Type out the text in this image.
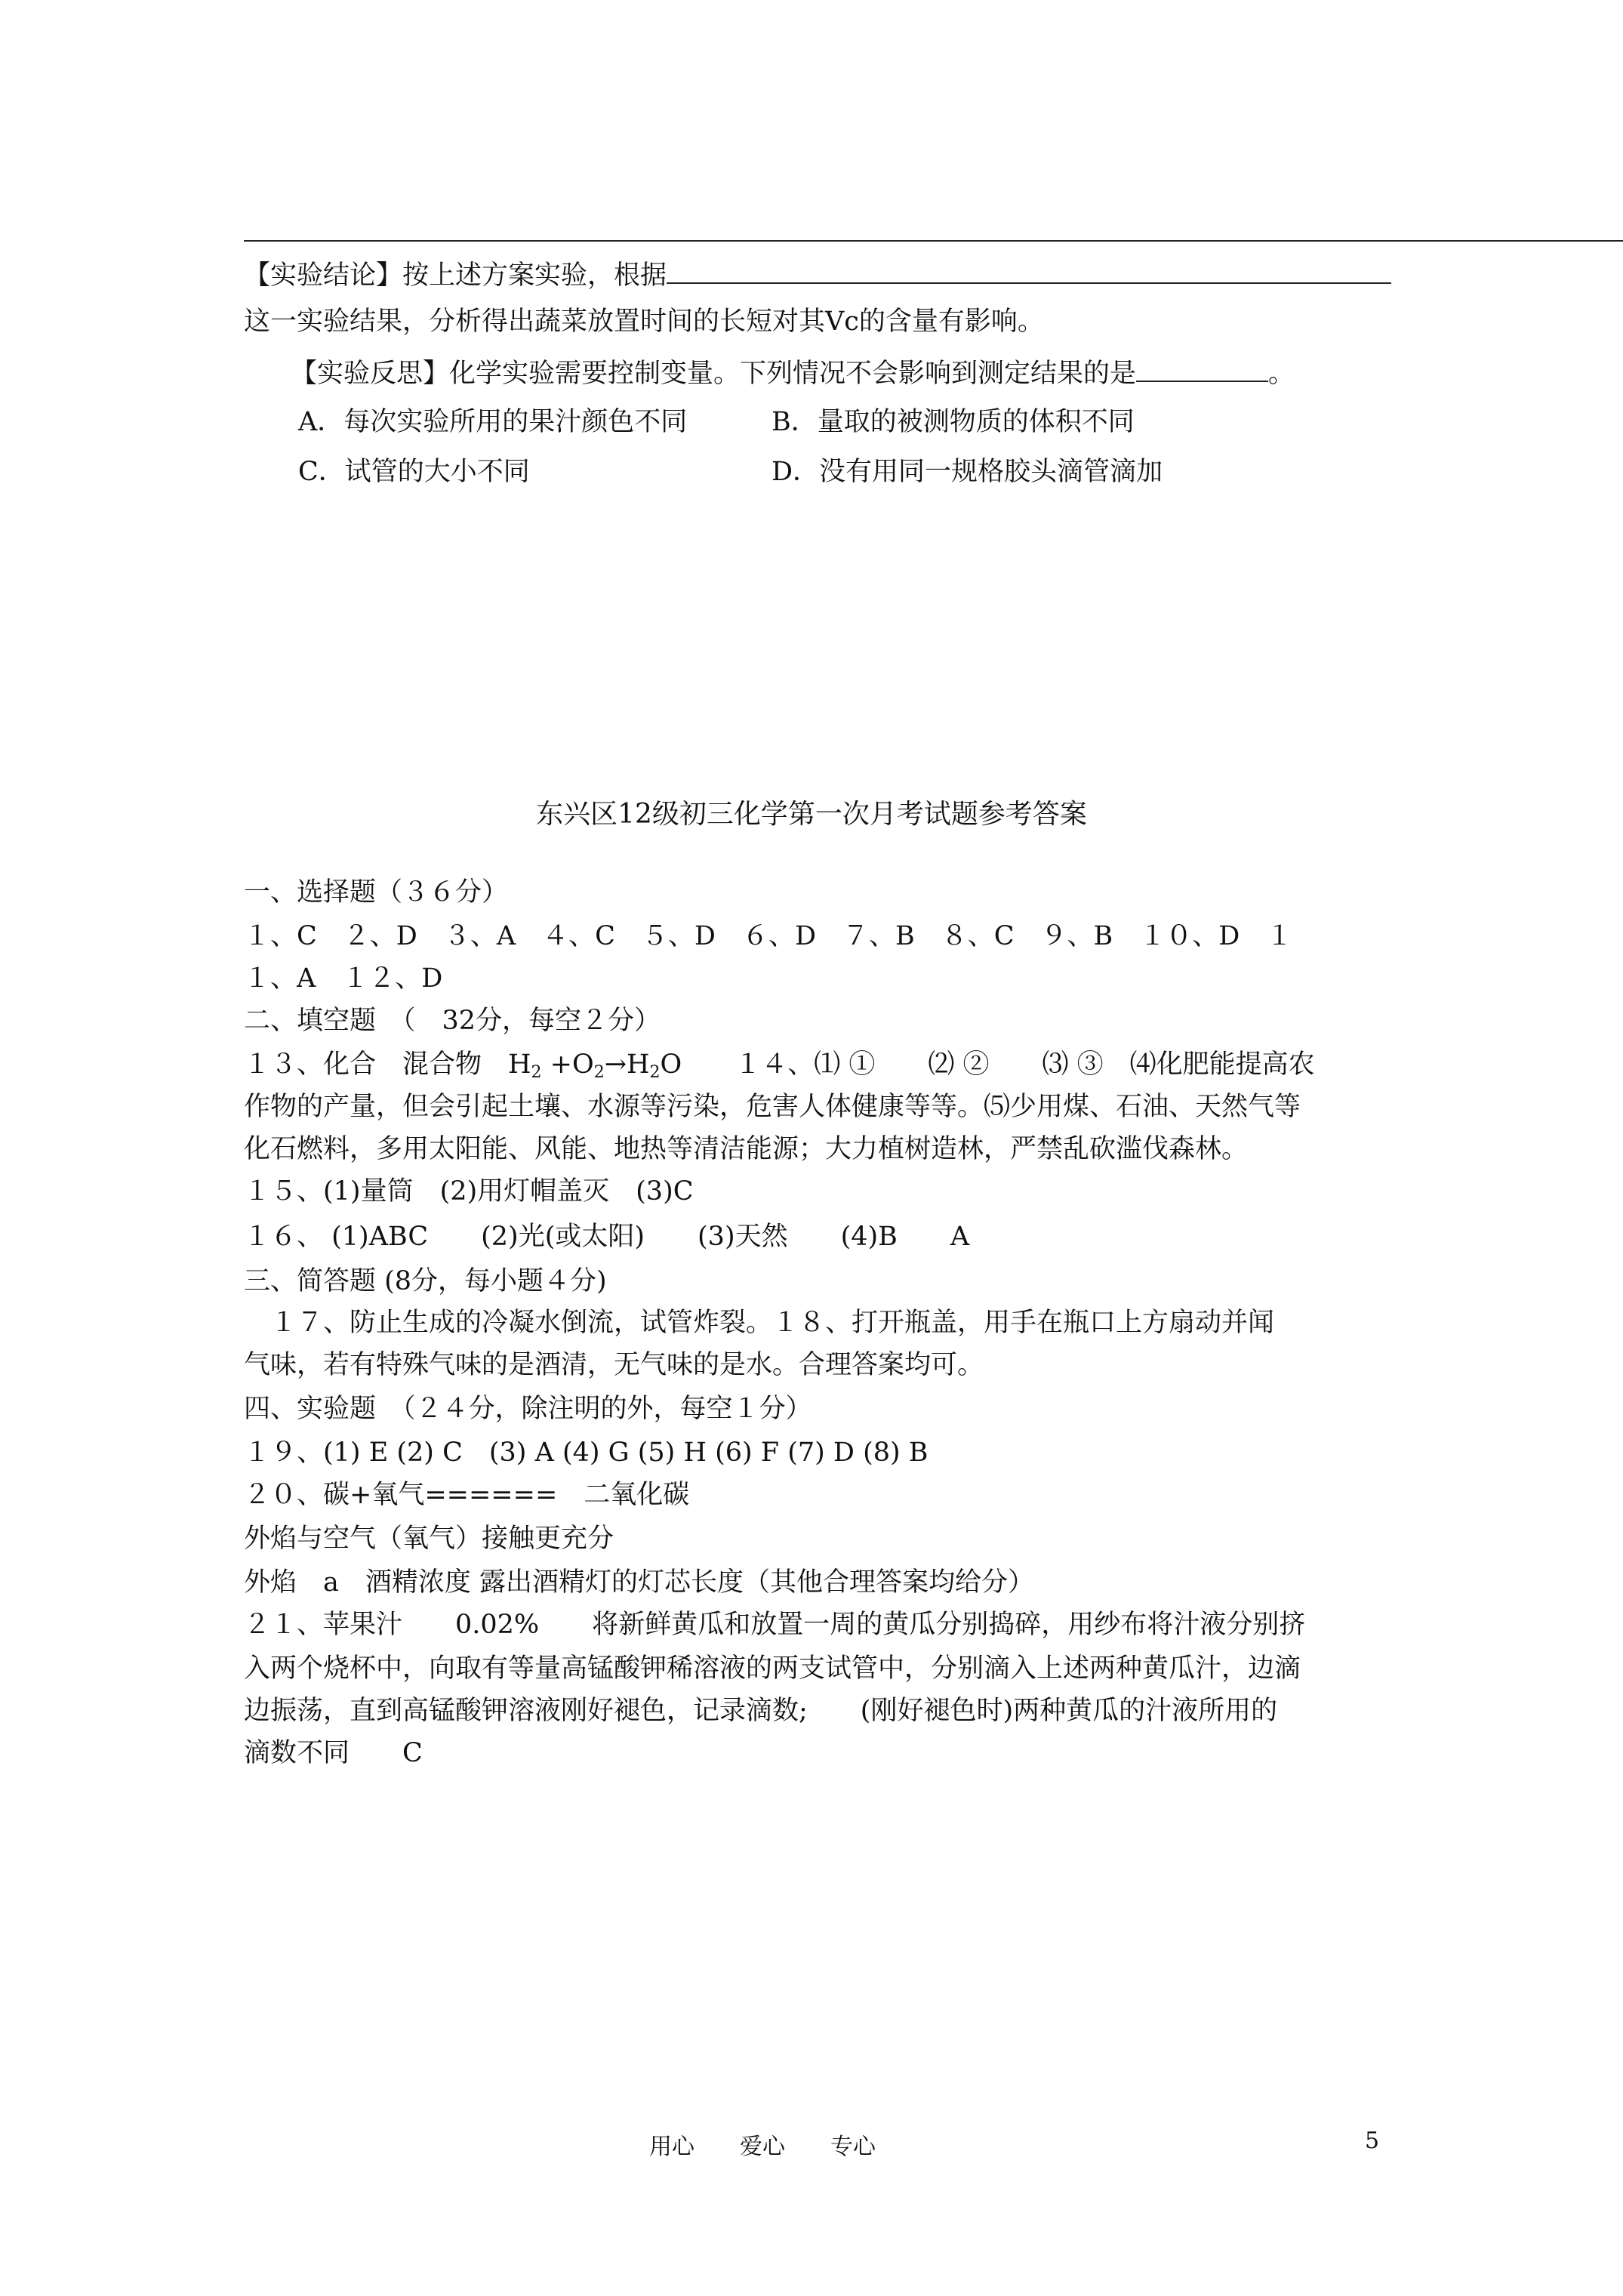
【实验结论】按上述方案实验，根据
这一实验结果，分析得出蔬菜放置时间的长短对其Vc的含量有影响。
【实验反思】化学实验需要控制变量。下列情况不会影响到测定结果的是	。
A．每次实验所用的果汁颜色不同	B．量取的被测物质的体积不同
C．试管的大小不同	D．没有用同一规格胶头滴管滴加
东兴区12级初三化学第一次月考试题参考答案
一、选择题（３６分）
１、C　２、D　３、A　４、C　５、D　６、D　７、B　８、C　９、B　１０、D　１
１、A　１２、D
二、填空题　（　32分，每空２分）
１３、化合　混合物　$H_2 +O_2\to H_2O$　　１４、⑴ ①　　⑵ ②　　⑶ ③　⑷化肥能提高农
作物的产量，但会引起土壤、水源等污染，危害人体健康等等。⑸少用煤、石油、天然气等
化石燃料，多用太阳能、风能、地热等清洁能源；大力植树造林，严禁乱砍滥伐森林。
１５、(1)量筒　(2)用灯帽盖灭　(3)C
１６、 (1)ABC　　(2)光(或太阳)　　(3)天然　　(4)B　　A
三、简答题 (8分，每小题４分)
　１７、防止生成的冷凝水倒流，试管炸裂。１８、打开瓶盖，用手在瓶口上方扇动并闻
气味，若有特殊气味的是酒清，无气味的是水。合理答案均可。
四、实验题　（２４分，除注明的外，每空１分）
１９、(1) E (2) C　(3) A (4) G (5) H (6) F (7) D (8) B
２０、碳+氧气======　二氧化碳
外焰与空气（氧气）接触更充分
外焰　a　酒精浓度 露出酒精灯的灯芯长度（其他合理答案均给分）
２１、苹果汁　　0.02%　　将新鲜黄瓜和放置一周的黄瓜分别捣碎，用纱布将汁液分别挤
入两个烧杯中，向取有等量高锰酸钾稀溶液的两支试管中，分别滴入上述两种黄瓜汁，边滴
边振荡，直到高锰酸钾溶液刚好褪色，记录滴数;　　(刚好褪色时)两种黄瓜的汁液所用的
滴数不同　　C
用心　　爱心　　专心	5
